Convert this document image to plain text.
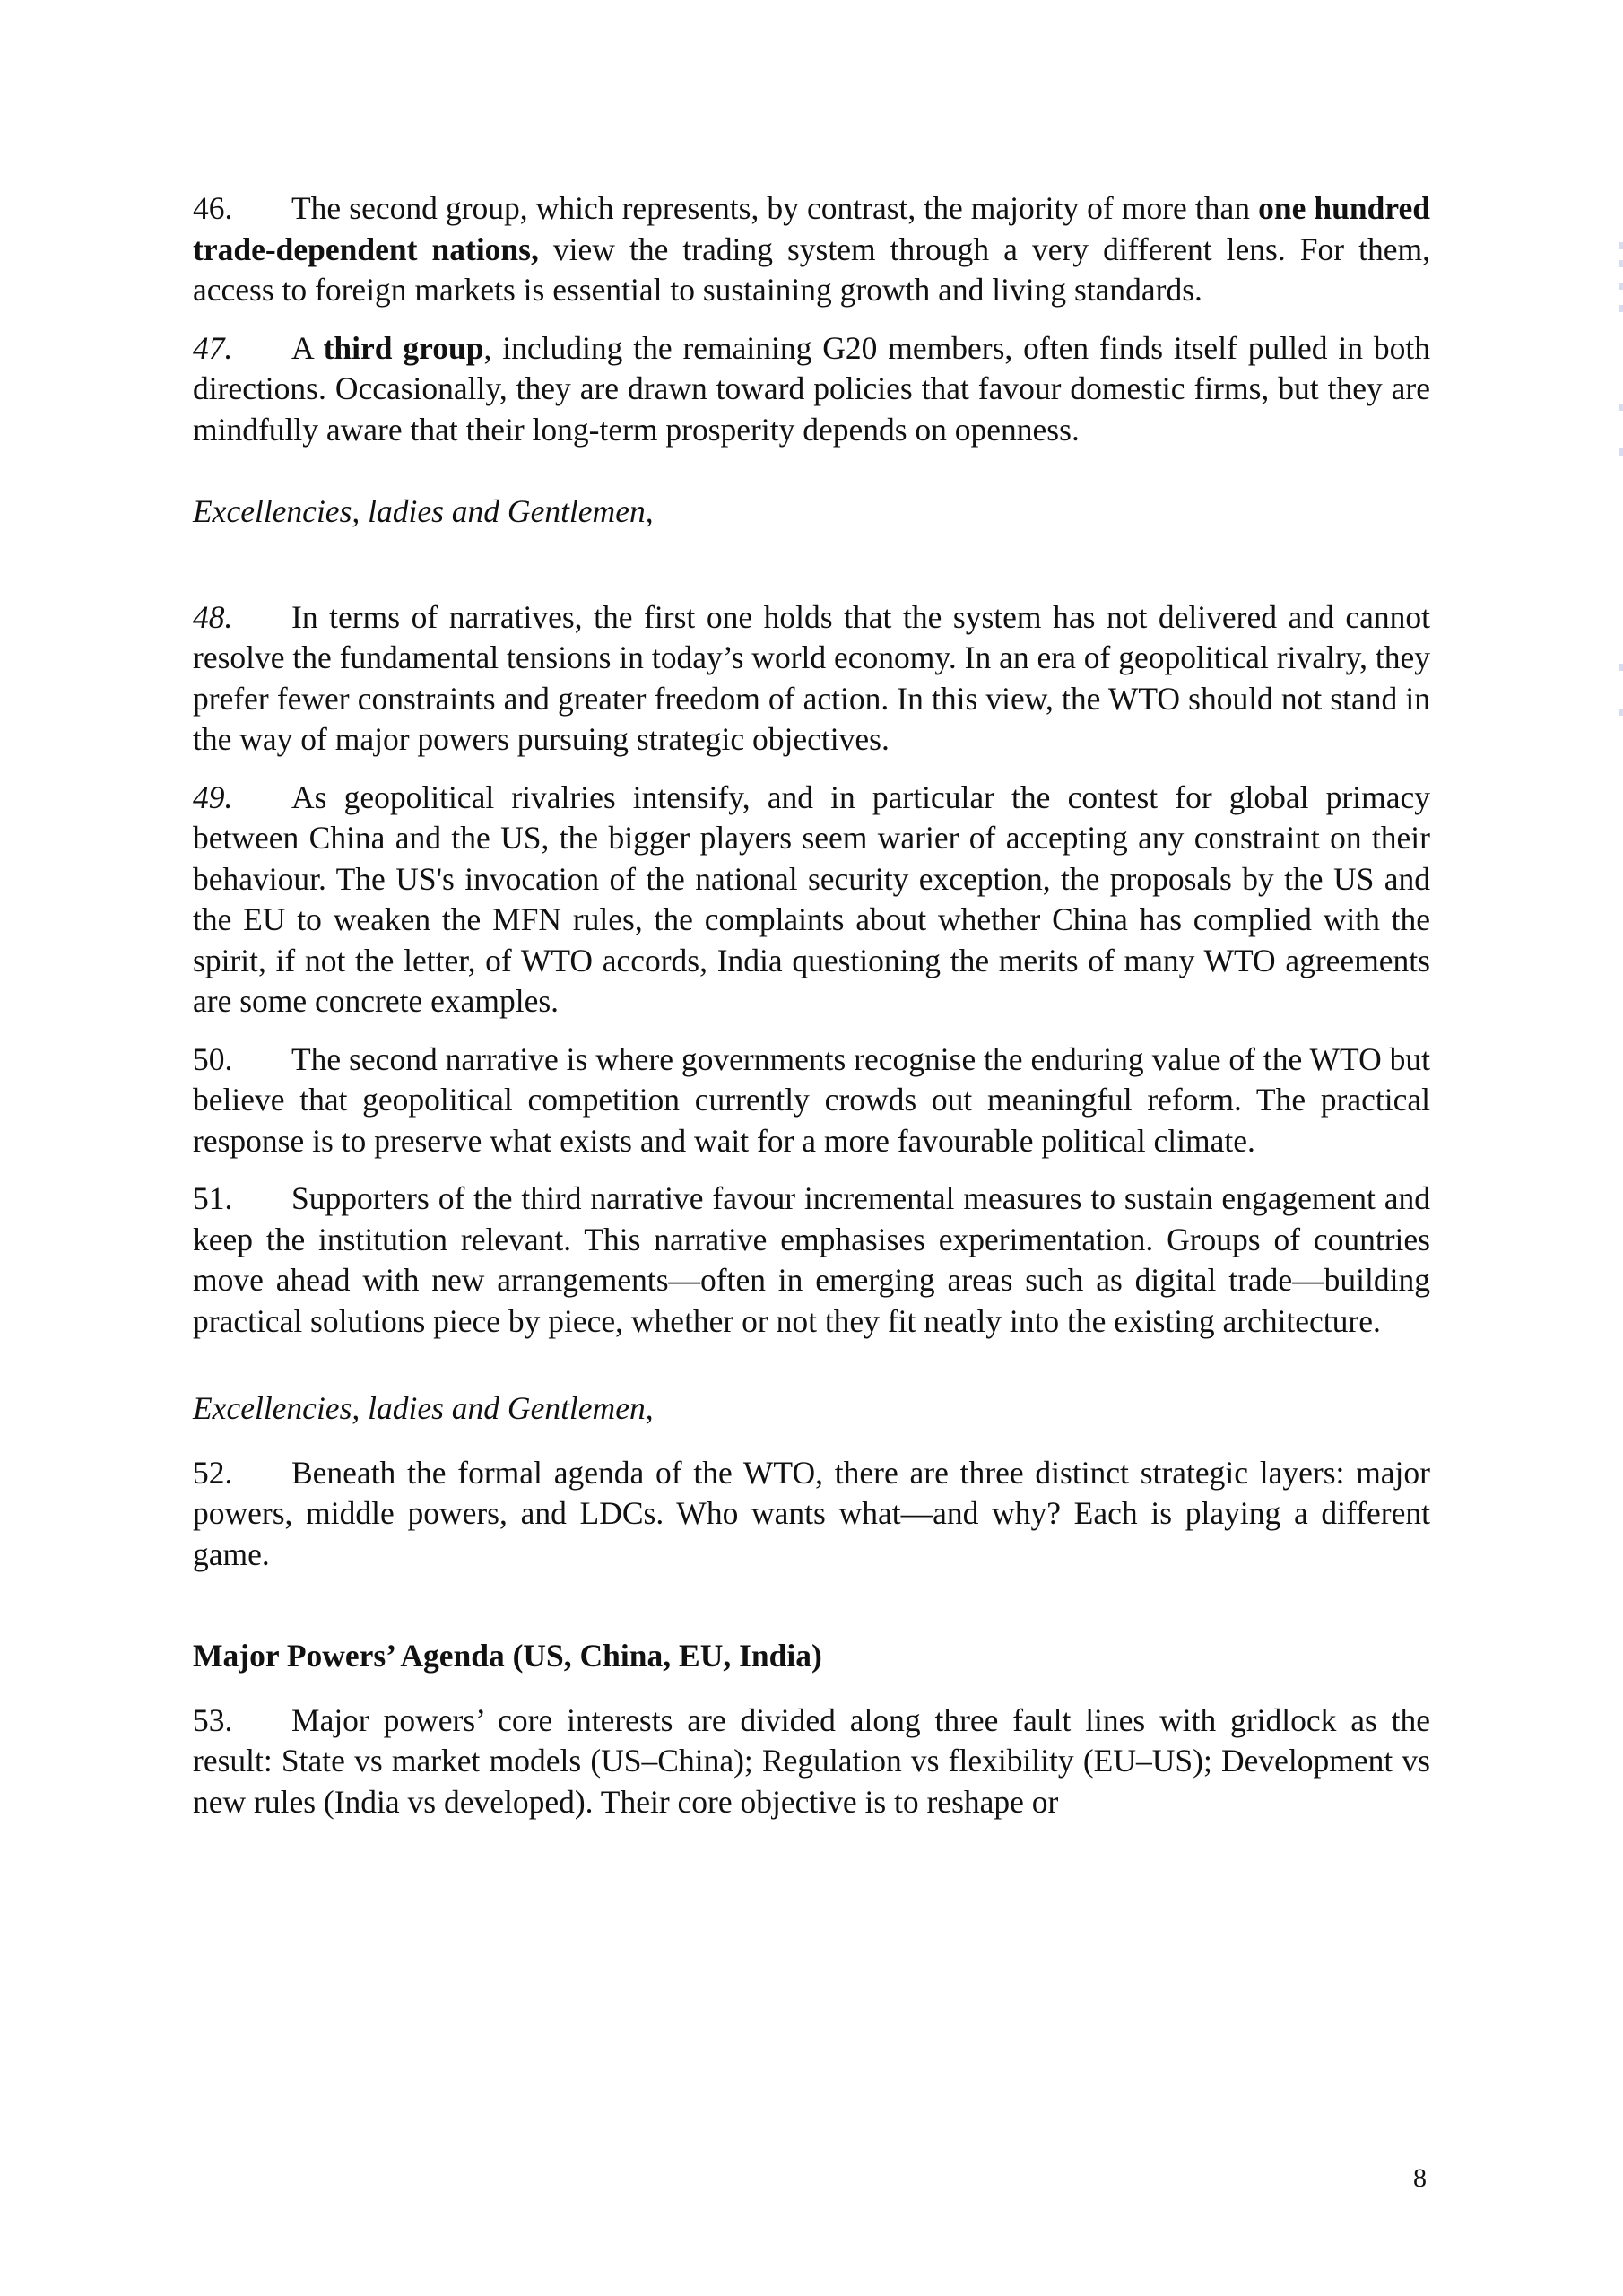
46. The second group, which represents, by contrast, the majority of more than one hundred trade-dependent nations, view the trading system through a very different lens. For them, access to foreign markets is essential to sustaining growth and living standards.

47. A third group, including the remaining G20 members, often finds itself pulled in both directions. Occasionally, they are drawn toward policies that favour domestic firms, but they are mindfully aware that their long-term prosperity depends on openness.

Excellencies, ladies and Gentlemen,

48. In terms of narratives, the first one holds that the system has not delivered and cannot resolve the fundamental tensions in today’s world economy. In an era of geopolitical rivalry, they prefer fewer constraints and greater freedom of action. In this view, the WTO should not stand in the way of major powers pursuing strategic objectives.

49. As geopolitical rivalries intensify, and in particular the contest for global primacy between China and the US, the bigger players seem warier of accepting any constraint on their behaviour. The US's invocation of the national security exception, the proposals by the US and the EU to weaken the MFN rules, the complaints about whether China has complied with the spirit, if not the letter, of WTO accords, India questioning the merits of many WTO agreements are some concrete examples.

50. The second narrative is where governments recognise the enduring value of the WTO but believe that geopolitical competition currently crowds out meaningful reform. The practical response is to preserve what exists and wait for a more favourable political climate.

51. Supporters of the third narrative favour incremental measures to sustain engagement and keep the institution relevant. This narrative emphasises experimentation. Groups of countries move ahead with new arrangements—often in emerging areas such as digital trade—building practical solutions piece by piece, whether or not they fit neatly into the existing architecture.

Excellencies, ladies and Gentlemen,

52. Beneath the formal agenda of the WTO, there are three distinct strategic layers: major powers, middle powers, and LDCs. Who wants what—and why? Each is playing a different game.

Major Powers’ Agenda (US, China, EU, India)

53. Major powers’ core interests are divided along three fault lines with gridlock as the result: State vs market models (US–China); Regulation vs flexibility (EU–US); Development vs new rules (India vs developed). Their core objective is to reshape or

8
